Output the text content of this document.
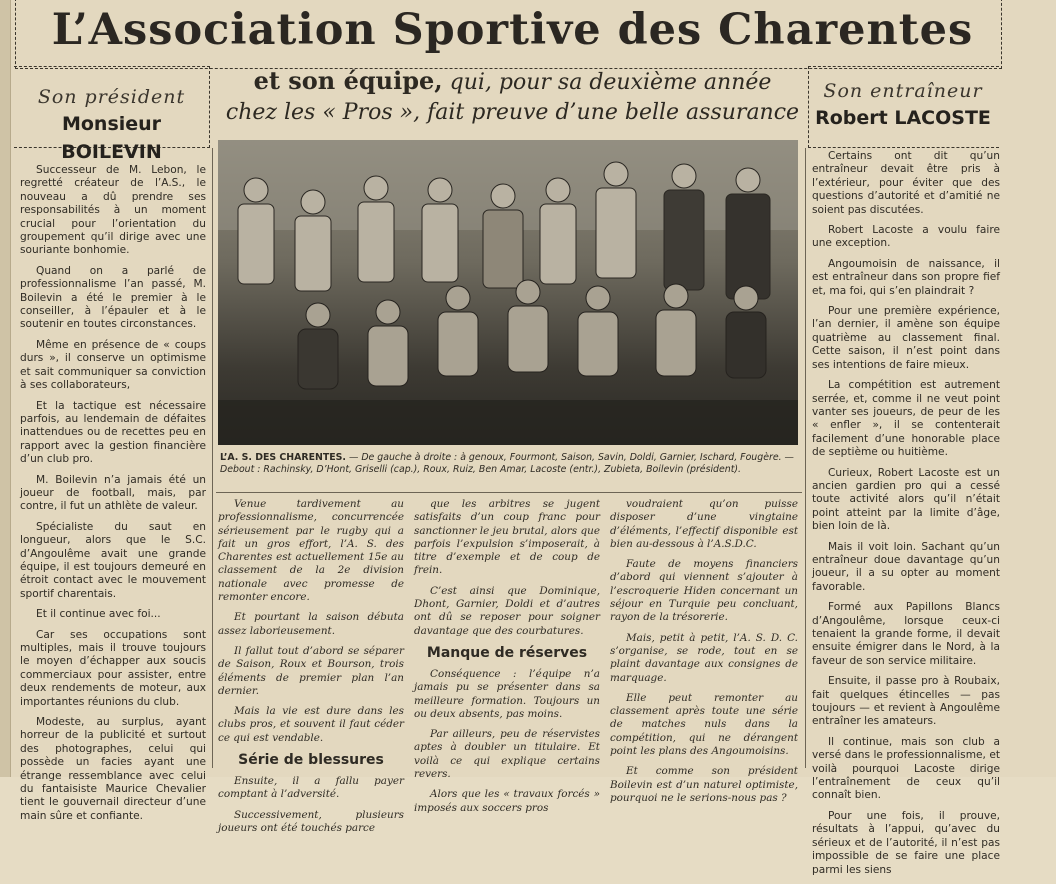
L’Association Sportive des Charentes
et son équipe, qui, pour sa deuxième année
chez les « Pros », fait preuve d’une belle assurance
Son président
Monsieur BOILEVIN
Son entraîneur
Robert LACOSTE

Successeur de M. Lebon, le regretté créateur de l’A.S., le nouveau a dû prendre ses responsabilités à un moment crucial pour l’orientation du groupement qu’il dirige avec une souriante bonhomie.

Quand on a parlé de professionnalisme l’an passé, M. Boilevin a été le premier à le conseiller, à l’épauler et à le soutenir en toutes circonstances.

Même en présence de « coups durs », il conserve un optimisme et sait communiquer sa conviction à ses collaborateurs,

Et la tactique est nécessaire parfois, au lendemain de défaites inattendues ou de recettes peu en rapport avec la gestion financière d’un club pro.

M. Boilevin n’a jamais été un joueur de football, mais, par contre, il fut un athlète de valeur.

Spécialiste du saut en longueur, alors que le S.C. d’Angoulême avait une grande équipe, il est toujours demeuré en étroit contact avec le mouvement sportif charentais.

Et il continue avec foi...

Car ses occupations sont multiples, mais il trouve toujours le moyen d’échapper aux soucis commerciaux pour assister, entre deux rendements de moteur, aux importantes réunions du club.

Modeste, au surplus, ayant horreur de la publicité et surtout des photographes, celui qui possède un facies ayant une étrange ressemblance avec celui du fantaisiste Maurice Chevalier tient le gouvernail directeur d’une main sûre et confiante.

Certains ont dit qu’un entraîneur devait être pris à l’extérieur, pour éviter que des questions d’autorité et d’amitié ne soient pas discutées.

Robert Lacoste a voulu faire une exception.

Angoumoisin de naissance, il est entraîneur dans son propre fief et, ma foi, qui s’en plaindrait ?

Pour une première expérience, l’an dernier, il amène son équipe quatrième au classement final. Cette saison, il n’est point dans ses intentions de faire mieux.

La compétition est autrement serrée, et, comme il ne veut point vanter ses joueurs, de peur de les « enfler », il se contenterait facilement d’une honorable place de septième ou huitième.

Curieux, Robert Lacoste est un ancien gardien pro qui a cessé toute activité alors qu’il n’était point atteint par la limite d’âge, bien loin de là.

Mais il voit loin. Sachant qu’un entraîneur doue davantage qu’un joueur, il a su opter au moment favorable.

Formé aux Papillons Blancs d’Angoulême, lorsque ceux-ci tenaient la grande forme, il devait ensuite émigrer dans le Nord, à la faveur de son service militaire.

Ensuite, il passe pro à Roubaix, fait quelques étincelles — pas toujours — et revient à Angoulême entraîner les amateurs.

Il continue, mais son club a versé dans le professionnalisme, et voilà pourquoi Lacoste dirige l’entraînement de ceux qu’il connaît bien.

Pour une fois, il prouve, résultats à l’appui, qu’avec du sérieux et de l’autorité, il n’est pas impossible de se faire une place parmi les siens

L’A. S. DES CHARENTES. — De gauche à droite : à genoux, Fourmont, Saison, Savin, Doldi, Garnier, Ischard, Fougère. — Debout : Rachinsky, D’Hont, Griselli (cap.), Roux, Ruiz, Ben Amar, Lacoste (entr.), Zubieta, Boilevin (président).

Venue tardivement au professionnalisme, concurrencée sérieusement par le rugby qui a fait un gros effort, l’A. S. des Charentes est actuellement 15e au classement de la 2e division nationale avec promesse de remonter encore.

Et pourtant la saison débuta assez laborieusement.

Il fallut tout d’abord se séparer de Saison, Roux et Bourson, trois éléments de premier plan l’an dernier.

Mais la vie est dure dans les clubs pros, et souvent il faut céder ce qui est vendable.

Série de blessures

Ensuite, il a fallu payer comptant à l’adversité.

Successivement, plusieurs joueurs ont été touchés parce

que les arbitres se jugent satisfaits d’un coup franc pour sanctionner le jeu brutal, alors que parfois l’expulsion s’imposerait, à titre d’exemple et de coup de frein.

C’est ainsi que Dominique, Dhont, Garnier, Doldi et d’autres ont dû se reposer pour soigner davantage que des courbatures.

Manque de réserves

Conséquence : l’équipe n’a jamais pu se présenter dans sa meilleure formation. Toujours un ou deux absents, pas moins.

Par ailleurs, peu de réservistes aptes à doubler un titulaire. Et voilà ce qui explique certains revers.

Alors que les « travaux forcés » imposés aux soccers pros

voudraient qu’on puisse disposer d’une vingtaine d’éléments, l’effectif disponible est bien au-dessous à l’A.S.D.C.

Faute de moyens financiers d’abord qui viennent s’ajouter à l’escroquerie Hiden concernant un séjour en Turquie peu concluant, rayon de la trésorerie.

Mais, petit à petit, l’A. S. D. C. s’organise, se rode, tout en se plaint davantage aux consignes de marquage.

Elle peut remonter au classement après toute une série de matches nuls dans la compétition, qui ne dérangent point les plans des Angoumoisins.

Et comme son président Boilevin est d’un naturel optimiste, pourquoi ne le serions-nous pas ?
